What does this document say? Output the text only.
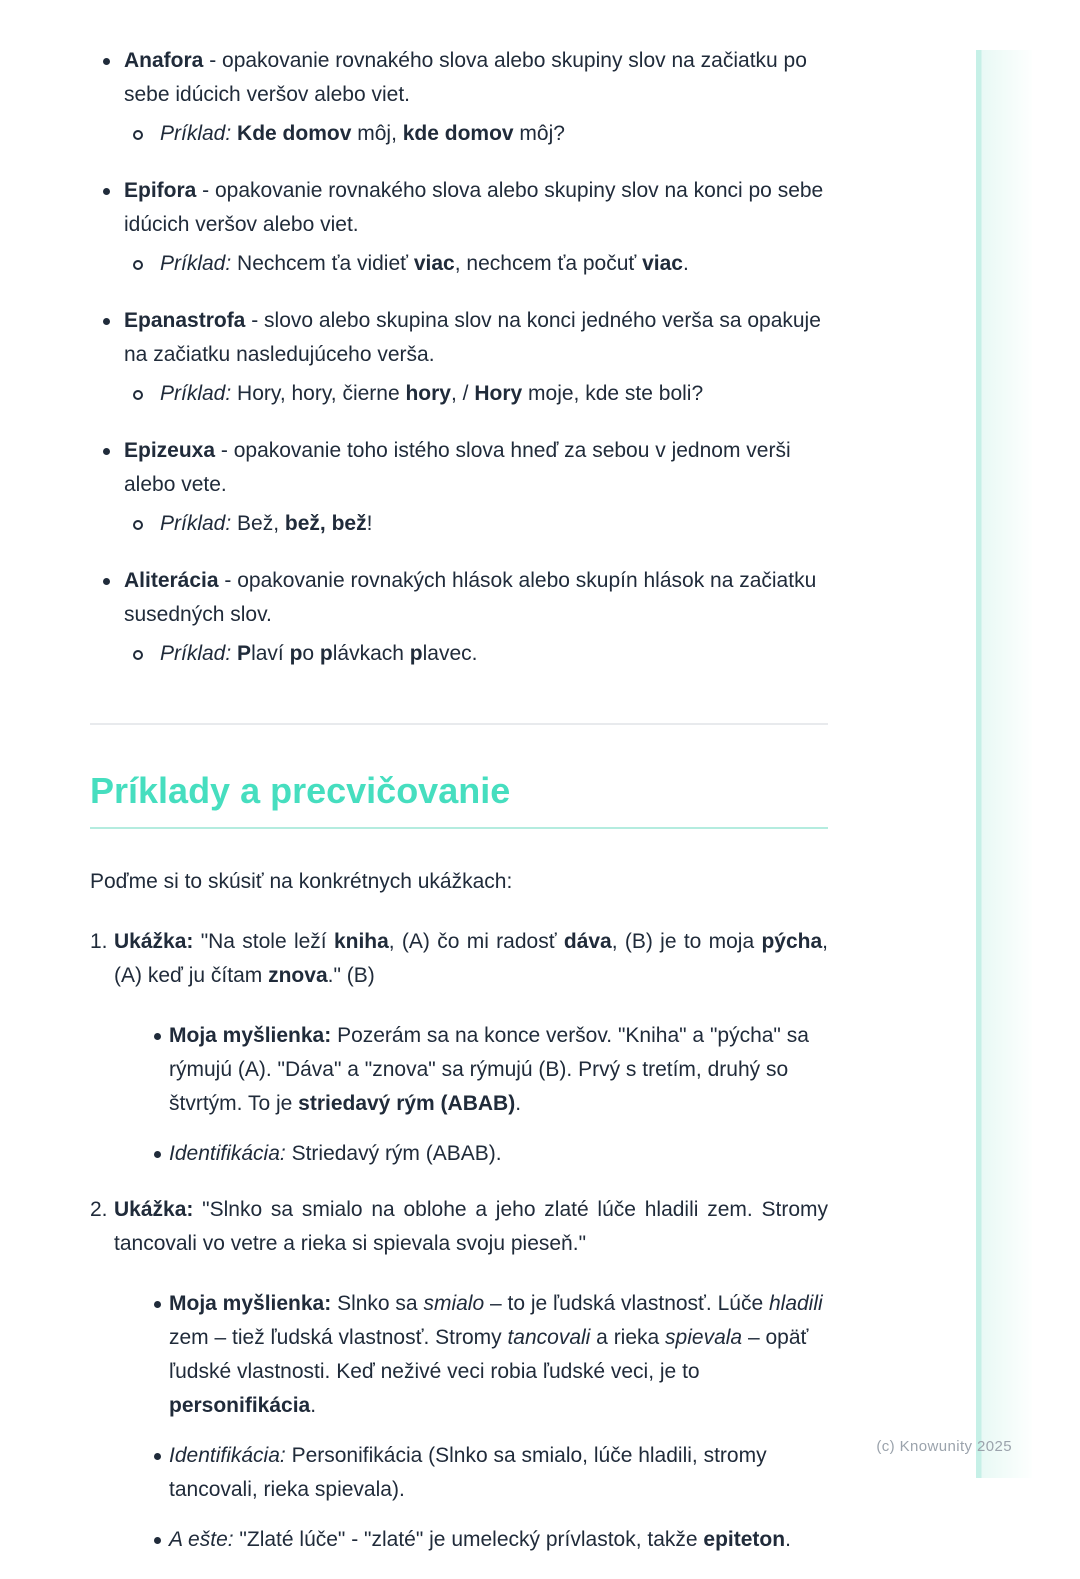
Anafora - opakovanie rovnakého slova alebo skupiny slov na začiatku po sebe idúcich veršov alebo viet.
Príklad: Kde domov môj, kde domov môj?
Epifora - opakovanie rovnakého slova alebo skupiny slov na konci po sebe idúcich veršov alebo viet.
Príklad: Nechcem ťa vidieť viac, nechcem ťa počuť viac.
Epanastrofa - slovo alebo skupina slov na konci jedného verša sa opakuje na začiatku nasledujúceho verša.
Príklad: Hory, hory, čierne hory, / Hory moje, kde ste boli?
Epizeuxa - opakovanie toho istého slova hneď za sebou v jednom verši alebo vete.
Príklad: Bež, bež, bež!
Aliterácia - opakovanie rovnakých hlások alebo skupín hlások na začiatku susedných slov.
Príklad: Plaví po plávkach plavec.
Príklady a precvičovanie

Poďme si to skúsiť na konkrétnych ukážkach:

1. Ukážka: "Na stole leží kniha, (A) čo mi radosť dáva, (B) je to moja pýcha, (A) keď ju čítam znova." (B)
Moja myšlienka: Pozerám sa na konce veršov. "Kniha" a "pýcha" sa rýmujú (A). "Dáva" a "znova" sa rýmujú (B). Prvý s tretím, druhý so štvrtým. To je striedavý rým (ABAB).
Identifikácia: Striedavý rým (ABAB).
2. Ukážka: "Slnko sa smialo na oblohe a jeho zlaté lúče hladili zem. Stromy tancovali vo vetre a rieka si spievala svoju pieseň."
Moja myšlienka: Slnko sa smialo – to je ľudská vlastnosť. Lúče hladili zem – tiež ľudská vlastnosť. Stromy tancovali a rieka spievala – opäť ľudské vlastnosti. Keď neživé veci robia ľudské veci, je to personifikácia.
Identifikácia: Personifikácia (Slnko sa smialo, lúče hladili, stromy tancovali, rieka spievala).
A ešte: "Zlaté lúče" - "zlaté" je umelecký prívlastok, takže epiteton.
(c) Knowunity 2025
